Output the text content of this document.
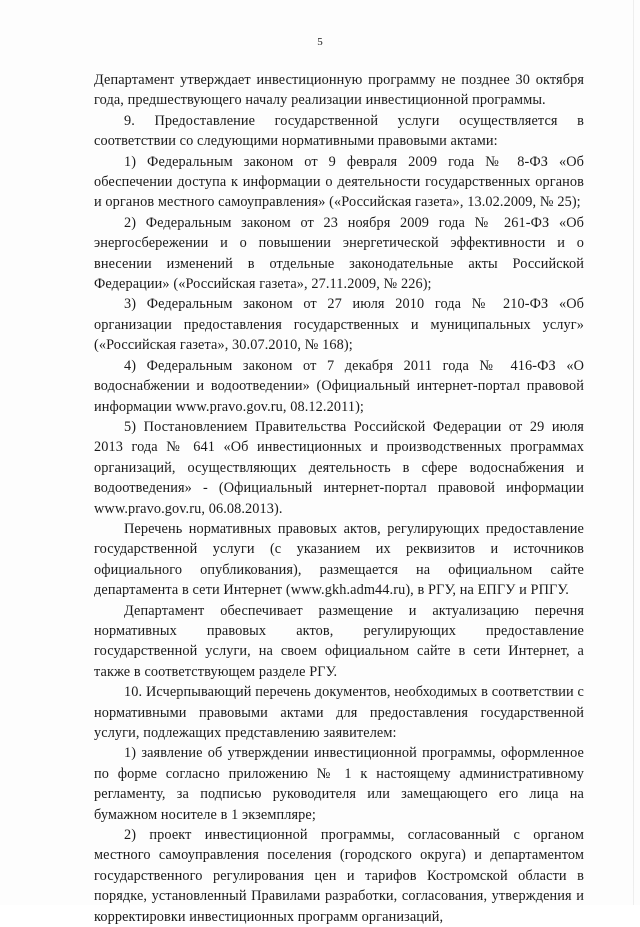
5

Департамент утверждает инвестиционную программу не позднее 30 октября года, предшествующего началу реализации инвестиционной программы.

9. Предоставление государственной услуги осуществляется в соответствии со следующими нормативными правовыми актами:

1) Федеральным законом от 9 февраля 2009 года № 8-ФЗ «Об обеспечении доступа к информации о деятельности государственных органов и органов местного самоуправления» («Российская газета», 13.02.2009, № 25);

2) Федеральным законом от 23 ноября 2009 года № 261-ФЗ «Об энергосбережении и о повышении энергетической эффективности и о внесении изменений в отдельные законодательные акты Российской Федерации» («Российская газета», 27.11.2009, № 226);

3) Федеральным законом от 27 июля 2010 года № 210-ФЗ «Об организации предоставления государственных и муниципальных услуг» («Российская газета», 30.07.2010, № 168);

4) Федеральным законом от 7 декабря 2011 года № 416-ФЗ «О водоснабжении и водоотведении» (Официальный интернет-портал правовой информации www.pravo.gov.ru, 08.12.2011);

5) Постановлением Правительства Российской Федерации от 29 июля 2013 года № 641 «Об инвестиционных и производственных программах организаций, осуществляющих деятельность в сфере водоснабжения и водоотведения» - (Официальный интернет-портал правовой информации www.pravo.gov.ru, 06.08.2013).

Перечень нормативных правовых актов, регулирующих предоставление государственной услуги (с указанием их реквизитов и источников официального опубликования), размещается на официальном сайте департамента в сети Интернет (www.gkh.adm44.ru), в РГУ, на ЕПГУ и РПГУ.

Департамент обеспечивает размещение и актуализацию перечня нормативных правовых актов, регулирующих предоставление государственной услуги, на своем официальном сайте в сети Интернет, а также в соответствующем разделе РГУ.

10. Исчерпывающий перечень документов, необходимых в соответствии с нормативными правовыми актами для предоставления государственной услуги, подлежащих представлению заявителем:

1) заявление об утверждении инвестиционной программы, оформленное по форме согласно приложению № 1 к настоящему административному регламенту, за подписью руководителя или замещающего его лица на бумажном носителе в 1 экземпляре;

2) проект инвестиционной программы, согласованный с органом местного самоуправления поселения (городского округа) и департаментом государственного регулирования цен и тарифов Костромской области в порядке, установленный Правилами разработки, согласования, утверждения и корректировки инвестиционных программ организаций,
